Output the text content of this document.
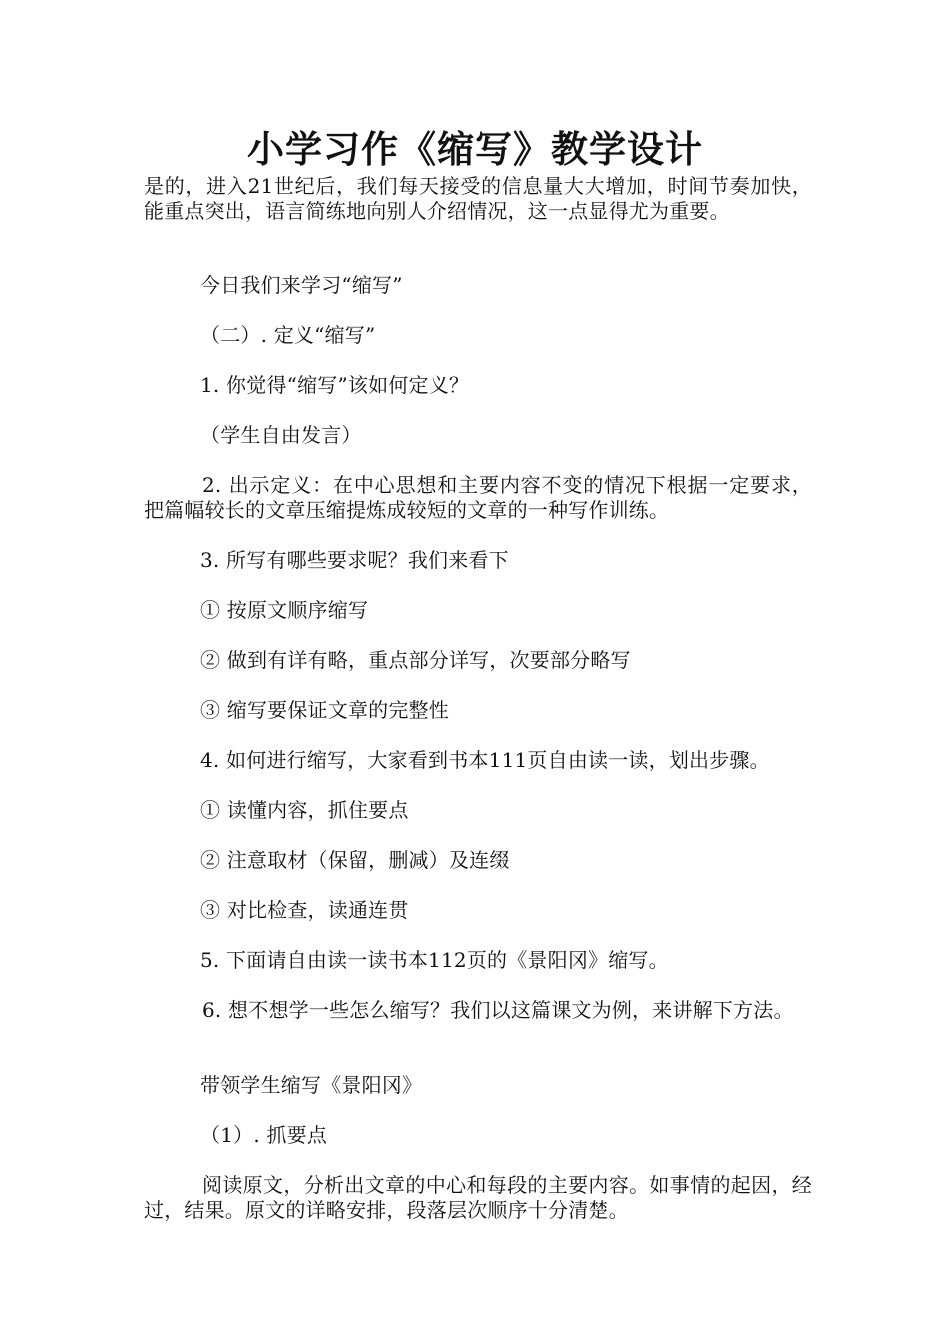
小学习作《缩写》教学设计

是的，进入21世纪后，我们每天接受的信息量大大增加，时间节奏加快，能重点突出，语言简练地向别人介绍情况，这一点显得尤为重要。

今日我们来学习“缩写”

（二）. 定义“缩写”

1. 你觉得“缩写”该如何定义？

（学生自由发言）

2. 出示定义：在中心思想和主要内容不变的情况下根据一定要求，把篇幅较长的文章压缩提炼成较短的文章的一种写作训练。

3. 所写有哪些要求呢？我们来看下

① 按原文顺序缩写

② 做到有详有略，重点部分详写，次要部分略写

③ 缩写要保证文章的完整性

4. 如何进行缩写，大家看到书本111页自由读一读，划出步骤。

① 读懂内容，抓住要点

② 注意取材（保留，删减）及连缀

③ 对比检查，读通连贯

5. 下面请自由读一读书本112页的《景阳冈》缩写。

6. 想不想学一些怎么缩写？我们以这篇课文为例，来讲解下方法。

带领学生缩写《景阳冈》

（1）. 抓要点

阅读原文，分析出文章的中心和每段的主要内容。如事情的起因，经过，结果。原文的详略安排，段落层次顺序十分清楚。
